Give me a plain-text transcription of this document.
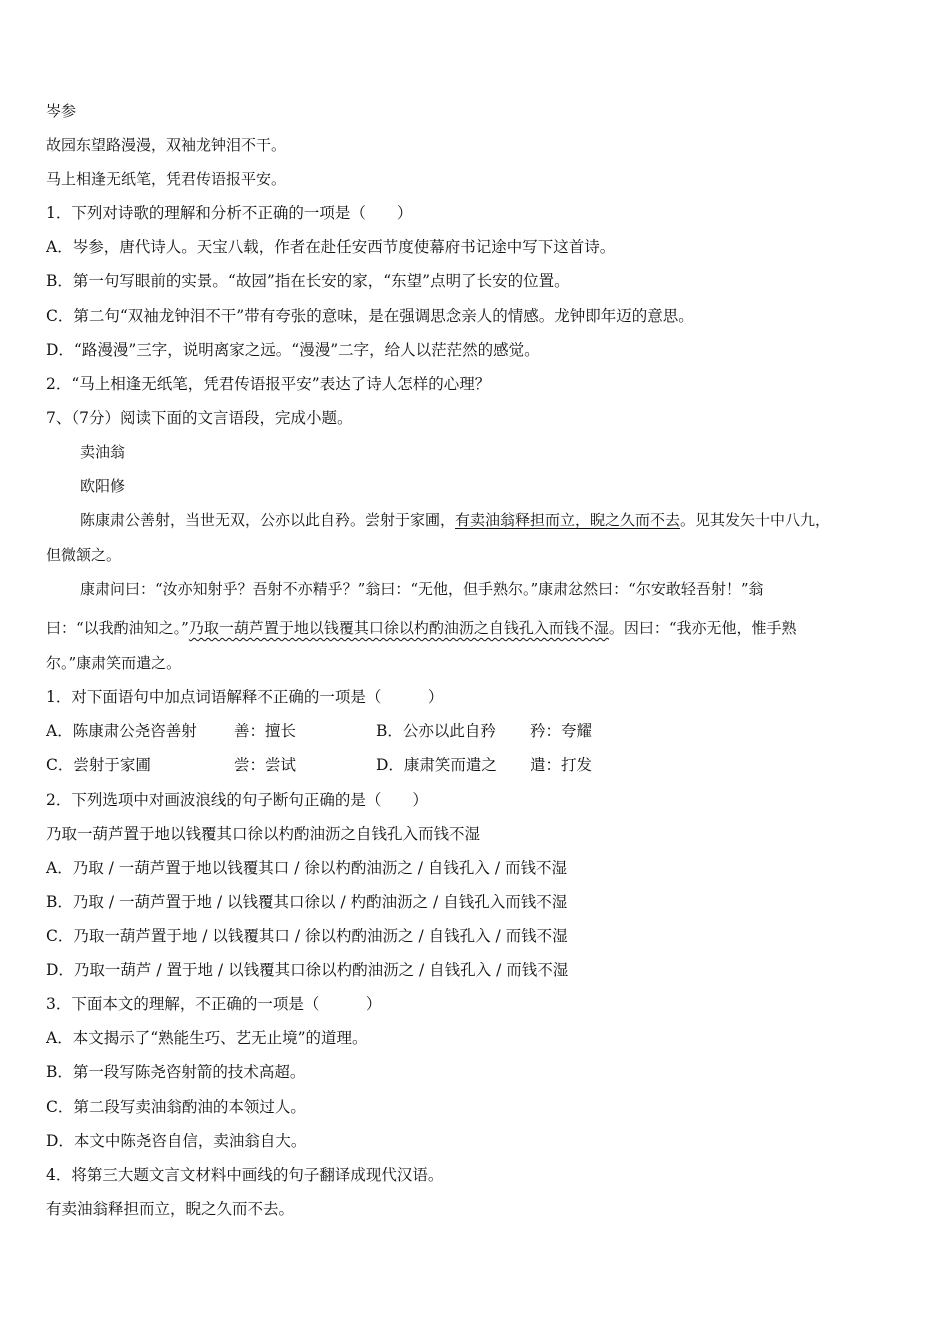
岑参
故园东望路漫漫，双袖龙钟泪不干。
马上相逢无纸笔，凭君传语报平安。
1．下列对诗歌的理解和分析不正确的一项是（　　）
A．岑参，唐代诗人。天宝八载，作者在赴任安西节度使幕府书记途中写下这首诗。
B．第一句写眼前的实景。“故园”指在长安的家，“东望”点明了长安的位置。
C．第二句“双袖龙钟泪不干”带有夸张的意味，是在强调思念亲人的情感。龙钟即年迈的意思。
D．“路漫漫”三字，说明离家之远。“漫漫”二字，给人以茫茫然的感觉。
2．“马上相逢无纸笔，凭君传语报平安”表达了诗人怎样的心理？
7、（7分）阅读下面的文言语段，完成小题。
卖油翁
欧阳修
陈康肃公善射，当世无双，公亦以此自矜。尝射于家圃，有卖油翁释担而立，睨之久而不去。见其发矢十中八九，
但微颔之。
康肃问曰：“汝亦知射乎？吾射不亦精乎？”翁曰：“无他，但手熟尔。”康肃忿然曰：“尔安敢轻吾射！”翁
曰：“以我酌油知之。”乃取一葫芦置于地以钱覆其口徐以杓酌油沥之自钱孔入而钱不湿。因曰：“我亦无他，惟手熟
尔。”康肃笑而遣之。
1．对下面语句中加点词语解释不正确的一项是（　　　）
A．陈康肃公尧咨善射 善：擅长	B．公亦以此自矜 矜：夸耀
C．尝射于家圃	尝：尝试	D．康肃笑而遣之 遣：打发
2．下列选项中对画波浪线的句子断句正确的是（　　）
乃取一葫芦置于地以钱覆其口徐以杓酌油沥之自钱孔入而钱不湿
A．乃取 / 一葫芦置于地以钱覆其口 / 徐以杓酌油沥之 / 自钱孔入 / 而钱不湿
B．乃取 / 一葫芦置于地 / 以钱覆其口徐以 / 杓酌油沥之 / 自钱孔入而钱不湿
C．乃取一葫芦置于地 / 以钱覆其口 / 徐以杓酌油沥之 / 自钱孔入 / 而钱不湿
D．乃取一葫芦 / 置于地 / 以钱覆其口徐以杓酌油沥之 / 自钱孔入 / 而钱不湿
3．下面本文的理解，不正确的一项是（　　　）
A．本文揭示了“熟能生巧、艺无止境”的道理。
B．第一段写陈尧咨射箭的技术高超。
C．第二段写卖油翁酌油的本领过人。
D．本文中陈尧咨自信，卖油翁自大。
4．将第三大题文言文材料中画线的句子翻译成现代汉语。
有卖油翁释担而立，睨之久而不去。
